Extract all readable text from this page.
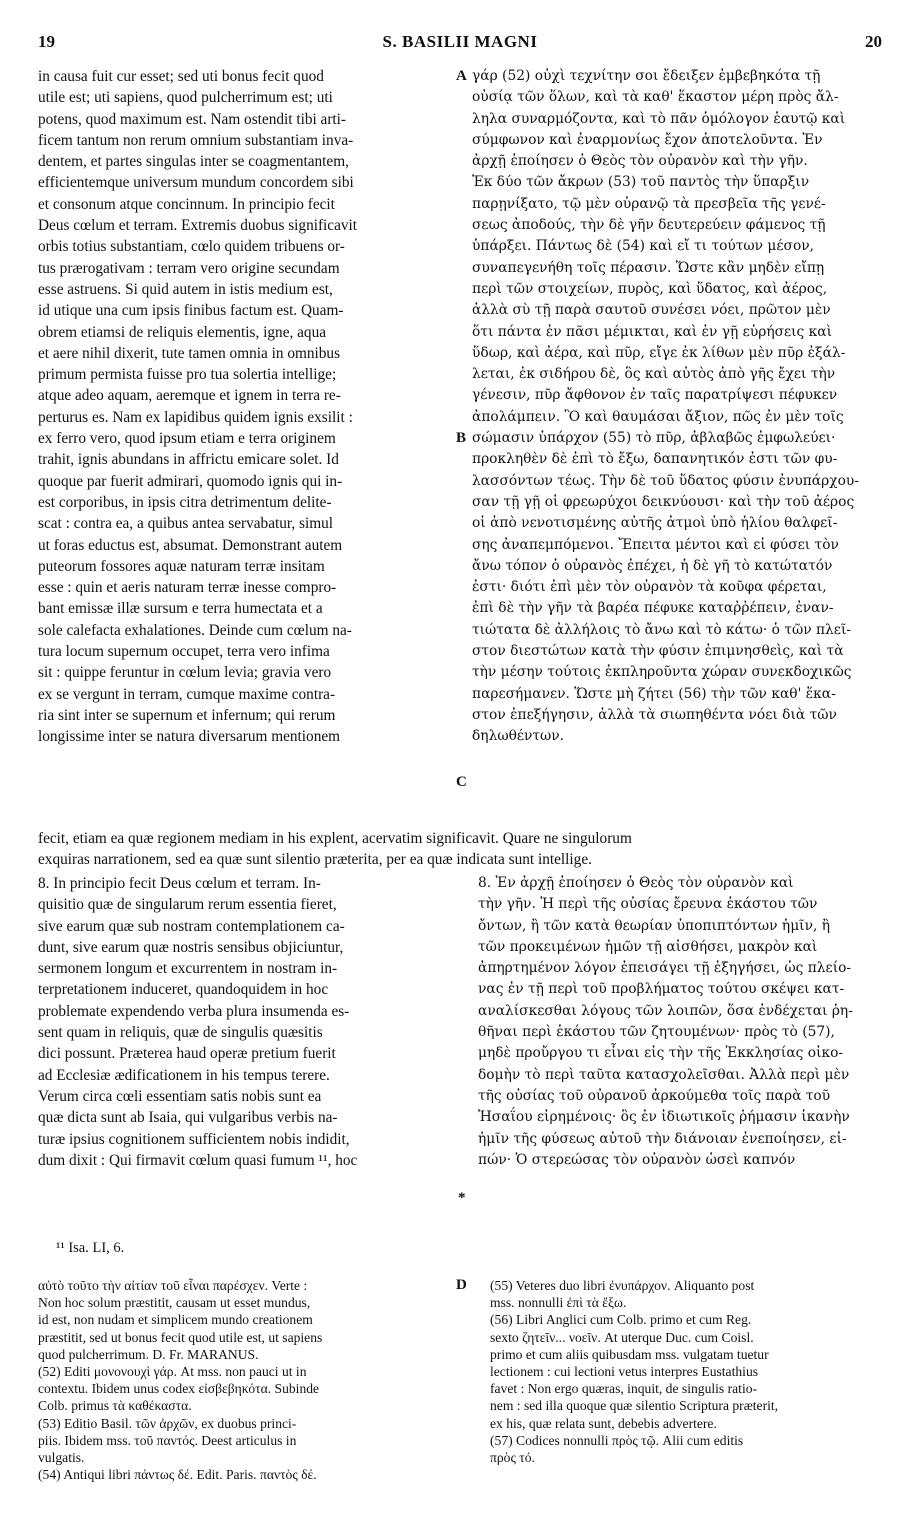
19	S. BASILII MAGNI	20
in causa fuit cur esset; sed uti bonus fecit quod
utile est; uti sapiens, quod pulcherrimum est; uti
potens, quod maximum est. Nam ostendit tibi arti-
ficem tantum non rerum omnium substantiam inva-
dentem, et partes singulas inter se coagmentantem,
efficientemque universum mundum concordem sibi
et consonum atque concinnum. In principio fecit
Deus cœlum et terram. Extremis duobus significavit
orbis totius substantiam, cœlo quidem tribuens or-
tus prærogativam : terram vero origine secundam
esse astruens. Si quid autem in istis medium est,
id utique una cum ipsis finibus factum est. Quam-
obrem etiamsi de reliquis elementis, igne, aqua
et aere nihil dixerit, tute tamen omnia in omnibus
primum permista fuisse pro tua solertia intellige;
atque adeo aquam, aeremque et ignem in terra re-
perturus es. Nam ex lapidibus quidem ignis exsilit :
ex ferro vero, quod ipsum etiam e terra originem
trahit, ignis abundans in affrictu emicare solet. Id
quoque par fuerit admirari, quomodo ignis qui in-
est corporibus, in ipsis citra detrimentum delite-
scat : contra ea, a quibus antea servabatur, simul
ut foras eductus est, absumat. Demonstrant autem
puteorum fossores aquæ naturam terræ insitam
esse : quin et aeris naturam terræ inesse compro-
bant emissæ illæ sursum e terra humectata et a
sole calefacta exhalationes. Deinde cum cœlum na-
tura locum supernum occupet, terra vero infima
sit : quippe feruntur in cœlum levia; gravia vero
ex se vergunt in terram, cumque maxime contra-
ria sint inter se supernum et infernum; qui rerum
longissime inter se natura diversarum mentionem
γάρ (52) οὐχὶ τεχνίτην σοι ἔδειξεν ἐμβεβηκότα τῇ
οὐσίᾳ τῶν ὅλων, καὶ τὰ καθ' ἕκαστον μέρη πρὸς ἄλ-
ληλα συναρμόζοντα, καὶ τὸ πᾶν ὁμόλογον ἑαυτῷ καὶ
σύμφωνον καὶ ἐναρμονίως ἔχον ἀποτελοῦντα. Ἐν
ἀρχῇ ἐποίησεν ὁ Θεὸς τὸν οὐρανὸν καὶ τὴν γῆν.
Ἐκ δύο τῶν ἄκρων (53) τοῦ παντὸς τὴν ὕπαρξιν
παρῃνίξατο, τῷ μὲν οὐρανῷ τὰ πρεσβεῖα τῆς γενέ-
σεως ἀποδούς, τὴν δὲ γῆν δευτερεύειν φάμενος τῇ
ὑπάρξει. Πάντως δὲ (54) καὶ εἴ τι τούτων μέσον,
συναπεγενήθη τοῖς πέρασιν. Ὥστε κἂν μηδὲν εἴπῃ
περὶ τῶν στοιχείων, πυρὸς, καὶ ὕδατος, καὶ ἀέρος,
ἀλλὰ σὺ τῇ παρὰ σαυτοῦ συνέσει νόει, πρῶτον μὲν
ὅτι πάντα ἐν πᾶσι μέμικται, καὶ ἐν γῇ εὑρήσεις καὶ
ὕδωρ, καὶ ἀέρα, καὶ πῦρ, εἴγε ἐκ λίθων μὲν πῦρ ἐξάλ-
λεται, ἐκ σιδήρου δὲ, ὃς καὶ αὐτὸς ἀπὸ γῆς ἔχει τὴν
γένεσιν, πῦρ ἄφθονον ἐν ταῖς παρατρίψεσι πέφυκεν
ἀπολάμπειν. Ὃ καὶ θαυμάσαι ἄξιον, πῶς ἐν μὲν τοῖς
σώμασιν ὑπάρχον (55) τὸ πῦρ, ἀβλαβῶς ἐμφωλεύει·
προκληθὲν δὲ ἐπὶ τὸ ἔξω, δαπανητικόν ἐστι τῶν φυ-
λασσόντων τέως. Τὴν δὲ τοῦ ὕδατος φύσιν ἐνυπάρχου-
σαν τῇ γῇ οἱ φρεωρύχοι δεικνύουσι· καὶ τὴν τοῦ ἀέρος
οἱ ἀπὸ νενοτισμένης αὐτῆς ἀτμοὶ ὑπὸ ἡλίου θαλφεῖ-
σης ἀναπεμπόμενοι. Ἔπειτα μέντοι καὶ εἰ φύσει τὸν
ἄνω τόπον ὁ οὐρανὸς ἐπέχει, ἡ δὲ γῆ τὸ κατώτατόν
ἐστι· διότι ἐπὶ μὲν τὸν οὐρανὸν τὰ κοῦφα φέρεται,
ἐπὶ δὲ τὴν γῆν τὰ βαρέα πέφυκε καταῤῥέπειν, ἐναν-
τιώτατα δὲ ἀλλήλοις τὸ ἄνω καὶ τὸ κάτω· ὁ τῶν πλεῖ-
στον διεστώτων κατὰ τὴν φύσιν ἐπιμνησθεὶς, καὶ τὰ
τὴν μέσην τούτοις ἐκπληροῦντα χώραν συνεκδοχικῶς
παρεσήμανεν. Ὥστε μὴ ζήτει (56) τὴν τῶν καθ' ἕκα-
στον ἐπεξήγησιν, ἀλλὰ τὰ σιωπηθέντα νόει διὰ τῶν
δηλωθέντων.
A
B
C
*
D
fecit, etiam ea quæ regionem mediam in his explent, acervatim significavit. Quare ne singulorum
exquiras narrationem, sed ea quæ sunt silentio præterita, per ea quæ indicata sunt intellige.
8. In principio fecit Deus cœlum et terram. In-
quisitio quæ de singularum rerum essentia fieret,
sive earum quæ sub nostram contemplationem ca-
dunt, sive earum quæ nostris sensibus objiciuntur,
sermonem longum et excurrentem in nostram in-
terpretationem induceret, quandoquidem in hoc
problemate expendendo verba plura insumenda es-
sent quam in reliquis, quæ de singulis quæsitis
dici possunt. Præterea haud operæ pretium fuerit
ad Ecclesiæ ædificationem in his tempus terere.
Verum circa cœli essentiam satis nobis sunt ea
quæ dicta sunt ab Isaia, qui vulgaribus verbis na-
turæ ipsius cognitionem sufficientem nobis indidit,
dum dixit : Qui firmavit cœlum quasi fumum ¹¹, hoc
8. Ἐν ἀρχῇ ἐποίησεν ὁ Θεὸς τὸν οὐρανὸν καὶ
τὴν γῆν. Ἡ περὶ τῆς οὐσίας ἔρευνα ἑκάστου τῶν
ὄντων, ἢ τῶν κατὰ θεωρίαν ὑποπιπτόντων ἡμῖν, ἢ
τῶν προκειμένων ἡμῶν τῇ αἰσθήσει, μακρὸν καὶ
ἀπηρτημένον λόγον ἐπεισάγει τῇ ἐξηγήσει, ὡς πλείο-
νας ἐν τῇ περὶ τοῦ προβλήματος τούτου σκέψει κατ-
αναλίσκεσθαι λόγους τῶν λοιπῶν, ὅσα ἐνδέχεται ῥη-
θῆναι περὶ ἑκάστου τῶν ζητουμένων· πρὸς τὸ (57),
μηδὲ προὔργου τι εἶναι εἰς τὴν τῆς Ἐκκλησίας οἰκο-
δομὴν τὸ περὶ ταῦτα κατασχολεῖσθαι. Ἀλλὰ περὶ μὲν
τῆς οὐσίας τοῦ οὐρανοῦ ἀρκούμεθα τοῖς παρὰ τοῦ
Ἠσαΐου εἰρημένοις· ὃς ἐν ἰδιωτικοῖς ῥήμασιν ἱκανὴν
ἡμῖν τῆς φύσεως αὐτοῦ τὴν διάνοιαν ἐνεποίησεν, εἰ-
πών· Ὁ στερεώσας τὸν οὐρανὸν ὡσεὶ καπνόν
¹¹ Isa. LI, 6.
αὐτὸ τοῦτο τὴν αἰτίαν τοῦ εἶναι παρέσχεν. Verte :
Non hoc solum præstitit, causam ut esset mundus,
id est, non nudam et simplicem mundo creationem
præstitit, sed ut bonus fecit quod utile est, ut sapiens
quod pulcherrimum. D. Fr. MARANUS.
(52) Editi μονονουχὶ γάρ. At mss. non pauci ut in
contextu. Ibidem unus codex εἰσβεβηκότα. Subinde
Colb. primus τὰ καθέκαστα.
(53) Editio Basil. τῶν ἀρχῶν, ex duobus princi-
piis. Ibidem mss. τοῦ παντός. Deest articulus in
vulgatis.
(54) Antiqui libri πάντως δέ. Edit. Paris. παντὸς δέ.
(55) Veteres duo libri ἐνυπάρχον. Aliquanto post
mss. nonnulli ἐπὶ τὰ ἔξω.
(56) Libri Anglici cum Colb. primo et cum Reg.
sexto ζητεῖν... νοεῖν. At uterque Duc. cum Coisl.
primo et cum aliis quibusdam mss. vulgatam tuetur
lectionem : cui lectioni vetus interpres Eustathius
favet : Non ergo quæras, inquit, de singulis ratio-
nem : sed illa quoque quæ silentio Scriptura præterit,
ex his, quæ relata sunt, debebis advertere.
(57) Codices nonnulli πρὸς τῷ. Alii cum editis
πρὸς τό.
